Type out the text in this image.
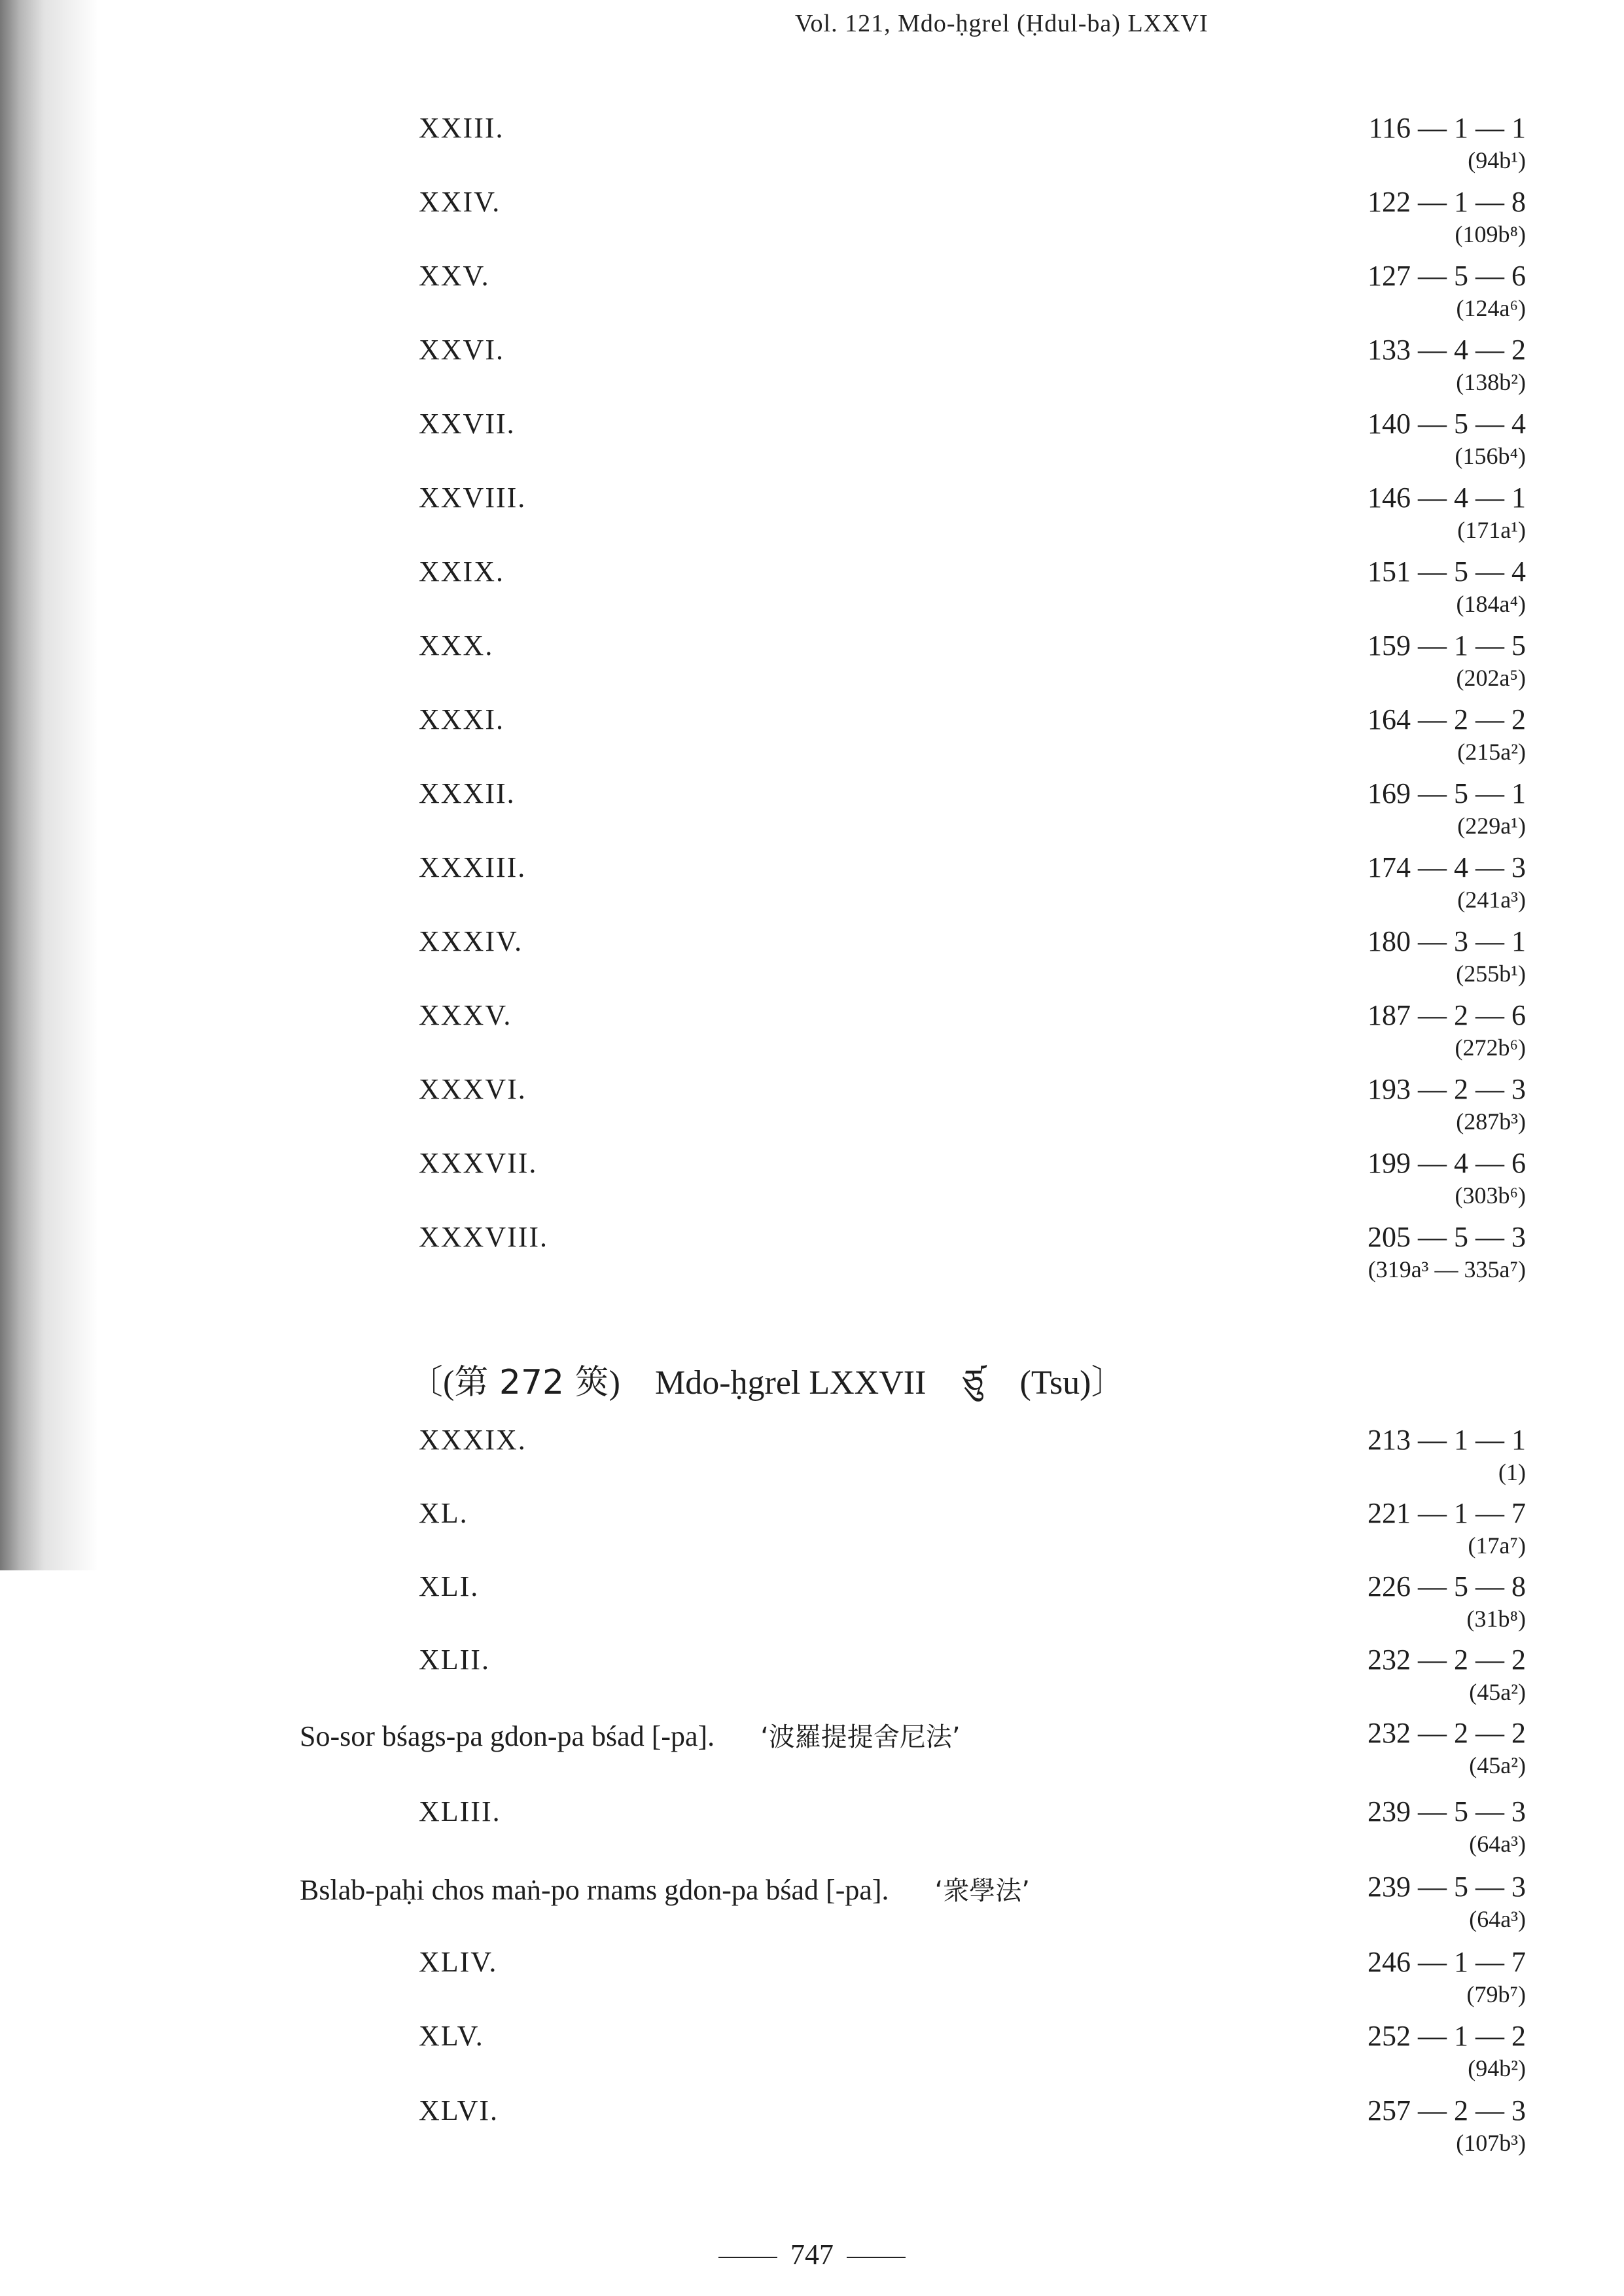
Vol. 121, Mdo-ḥgrel (Ḥdul-ba) LXXVI
XXIII.	116 — 1 — 1
(94b¹)
XXIV.	122 — 1 — 8
(109b⁸)
XXV.	127 — 5 — 6
(124a⁶)
XXVI.	133 — 4 — 2
(138b²)
XXVII.	140 — 5 — 4
(156b⁴)
XXVIII.	146 — 4 — 1
(171a¹)
XXIX.	151 — 5 — 4
(184a⁴)
XXX.	159 — 1 — 5
(202a⁵)
XXXI.	164 — 2 — 2
(215a²)
XXXII.	169 — 5 — 1
(229a¹)
XXXIII.	174 — 4 — 3
(241a³)
XXXIV.	180 — 3 — 1
(255b¹)
XXXV.	187 — 2 — 6
(272b⁶)
XXXVI.	193 — 2 — 3
(287b³)
XXXVII.	199 — 4 — 6
(303b⁶)
XXXVIII.	205 — 5 — 3
(319a³ — 335a⁷)
〔(第 272 筴) Mdo-ḥgrel LXXVII ཙུ (Tsu)〕
XXXIX.	213 — 1 — 1
(1)
XL.	221 — 1 — 7
(17a⁷)
XLI.	226 — 5 — 8
(31b⁸)
XLII.	232 — 2 — 2
(45a²)
So-sor bśags-pa gdon-pa bśad [-pa]. ‘波羅提提舍尼法’	232 — 2 — 2
(45a²)
XLIII.	239 — 5 — 3
(64a³)
Bslab-paḥi chos maṅ-po rnams gdon-pa bśad [-pa]. ‘衆學法’	239 — 5 — 3
(64a³)
XLIV.	246 — 1 — 7
(79b⁷)
XLV.	252 — 1 — 2
(94b²)
XLVI.	257 — 2 — 3
(107b³)
747
